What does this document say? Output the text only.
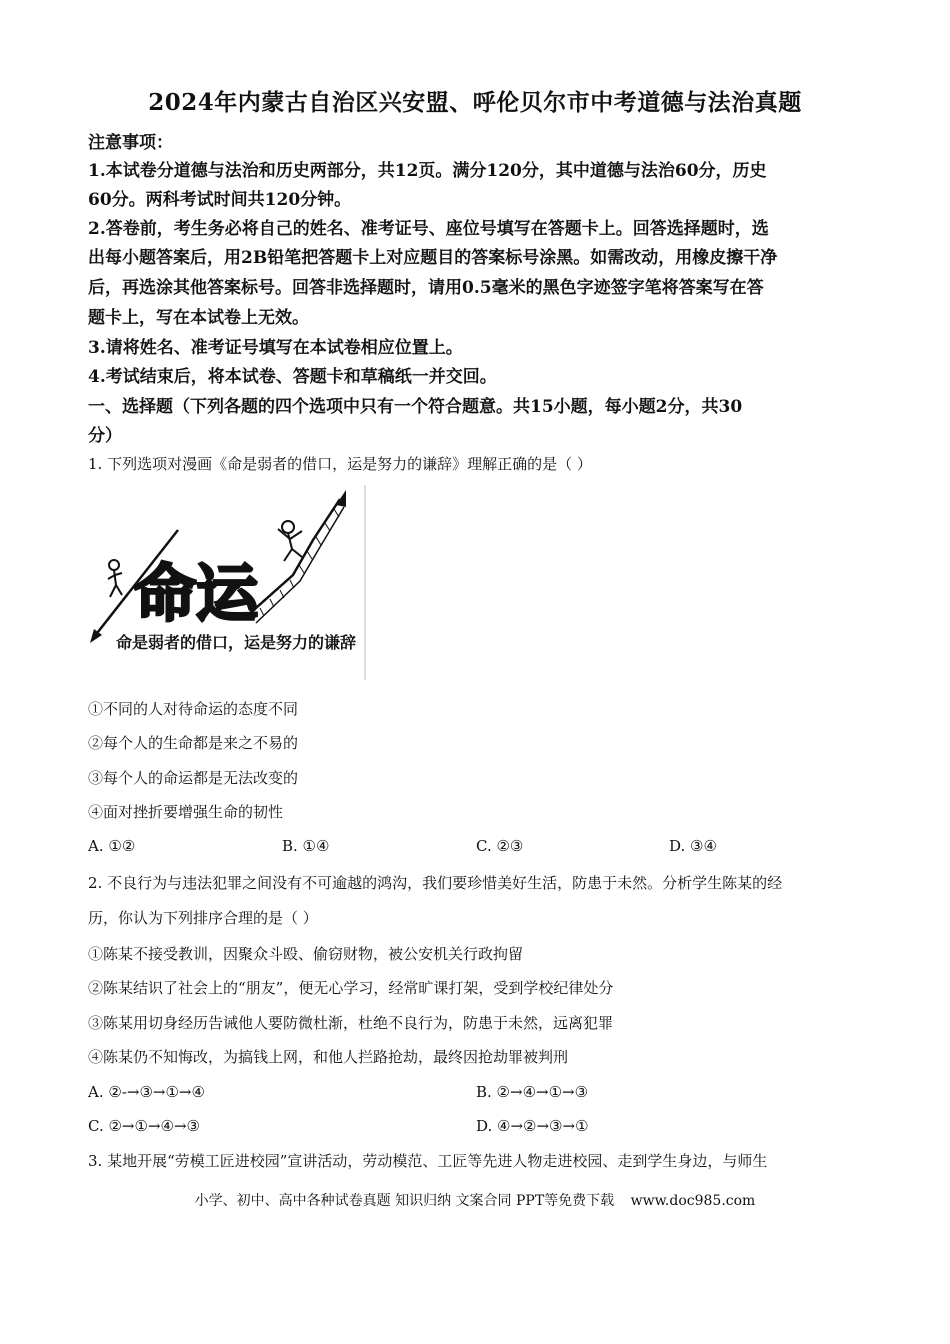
2024年内蒙古自治区兴安盟、呼伦贝尔市中考道德与法治真题
注意事项：
1.本试卷分道德与法治和历史两部分，共12页。满分120分，其中道德与法治60分，历史
60分。两科考试时间共120分钟。
2.答卷前，考生务必将自己的姓名、准考证号、座位号填写在答题卡上。回答选择题时，选
出每小题答案后，用2B铅笔把答题卡上对应题目的答案标号涂黑。如需改动，用橡皮擦干净
后，再选涂其他答案标号。回答非选择题时，请用0.5毫米的黑色字迹签字笔将答案写在答
题卡上，写在本试卷上无效。
3.请将姓名、准考证号填写在本试卷相应位置上。
4.考试结束后，将本试卷、答题卡和草稿纸一并交回。
一、选择题（下列各题的四个选项中只有一个符合题意。共15小题，每小题2分，共30
分）
1. 下列选项对漫画《命是弱者的借口，运是努力的谦辞》理解正确的是（ ）
命运
命是弱者的借口，运是努力的谦辞
①不同的人对待命运的态度不同
②每个人的生命都是来之不易的
③每个人的命运都是无法改变的
④面对挫折要增强生命的韧性
A. ①②	B. ①④	C. ②③	D. ③④
2. 不良行为与违法犯罪之间没有不可逾越的鸿沟，我们要珍惜美好生活，防患于未然。分析学生陈某的经
历，你认为下列排序合理的是（ ）
①陈某不接受教训，因聚众斗殴、偷窃财物，被公安机关行政拘留
②陈某结识了社会上的“朋友”，便无心学习，经常旷课打架，受到学校纪律处分
③陈某用切身经历告诫他人要防微杜渐，杜绝不良行为，防患于未然，远离犯罪
④陈某仍不知悔改，为搞钱上网，和他人拦路抢劫，最终因抢劫罪被判刑
A. ②-→③→①→④	B. ②→④→①→③
C. ②→①→④→③	D. ④→②→③→①
3. 某地开展“劳模工匠进校园”宣讲活动，劳动模范、工匠等先进人物走进校园、走到学生身边，与师生
小学、初中、高中各种试卷真题 知识归纳 文案合同 PPT等免费下载 www.doc985.com
